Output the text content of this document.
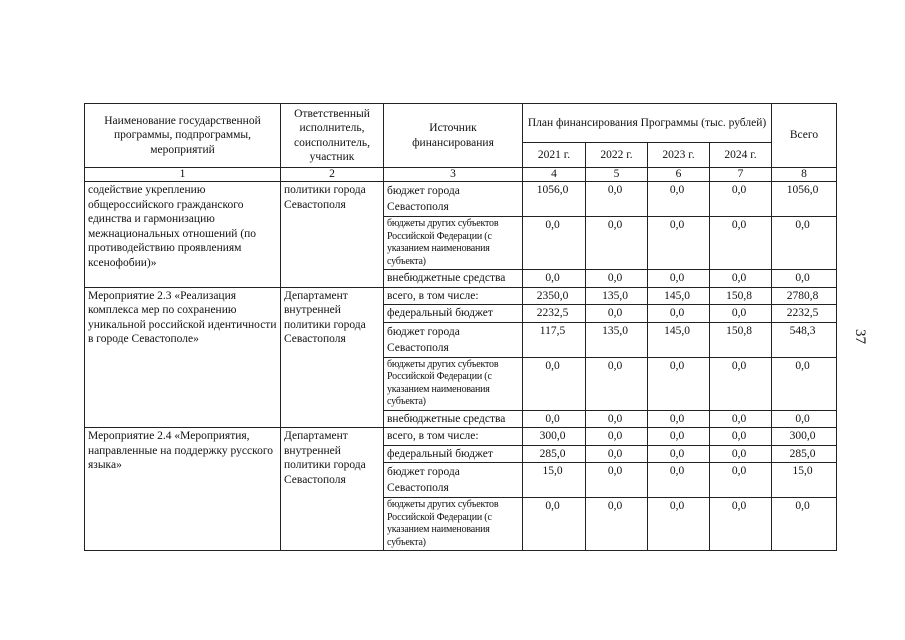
Наименование государственной программы, подпрограммы, мероприятий	Ответственный исполнитель, соисполнитель, участник	Источник финансирования	План финансирования Программы (тыс. рублей)				Всего
			2021 г.	2022 г.	2023 г.	2024 г.	
1	2	3	4	5	6	7	8
содействие укреплению общероссийского гражданского единства и гармонизацию межнациональных отношений (по противодействию проявлениям ксенофобии)»	политики города Севастополя	бюджет города Севастополя	1056,0	0,0	0,0	0,0	1056,0
		бюджеты других субъектов Российской Федерации (с указанием наименования субъекта)	0,0	0,0	0,0	0,0	0,0
		внебюджетные средства	0,0	0,0	0,0	0,0	0,0
Мероприятие 2.3 «Реализация комплекса мер по сохранению уникальной российской идентичности в городе Севастополе»	Департамент внутренней политики города Севастополя	всего, в том числе:	2350,0	135,0	145,0	150,8	2780,8
		федеральный бюджет	2232,5	0,0	0,0	0,0	2232,5
		бюджет города Севастополя	117,5	135,0	145,0	150,8	548,3
		бюджеты других субъектов Российской Федерации (с указанием наименования субъекта)	0,0	0,0	0,0	0,0	0,0
		внебюджетные средства	0,0	0,0	0,0	0,0	0,0
Мероприятие 2.4 «Мероприятия, направленные на поддержку русского языка»	Департамент внутренней политики города Севастополя	всего, в том числе:	300,0	0,0	0,0	0,0	300,0
		федеральный бюджет	285,0	0,0	0,0	0,0	285,0
		бюджет города Севастополя	15,0	0,0	0,0	0,0	15,0
		бюджеты других субъектов Российской Федерации (с указанием наименования субъекта)	0,0	0,0	0,0	0,0	0,0
37
